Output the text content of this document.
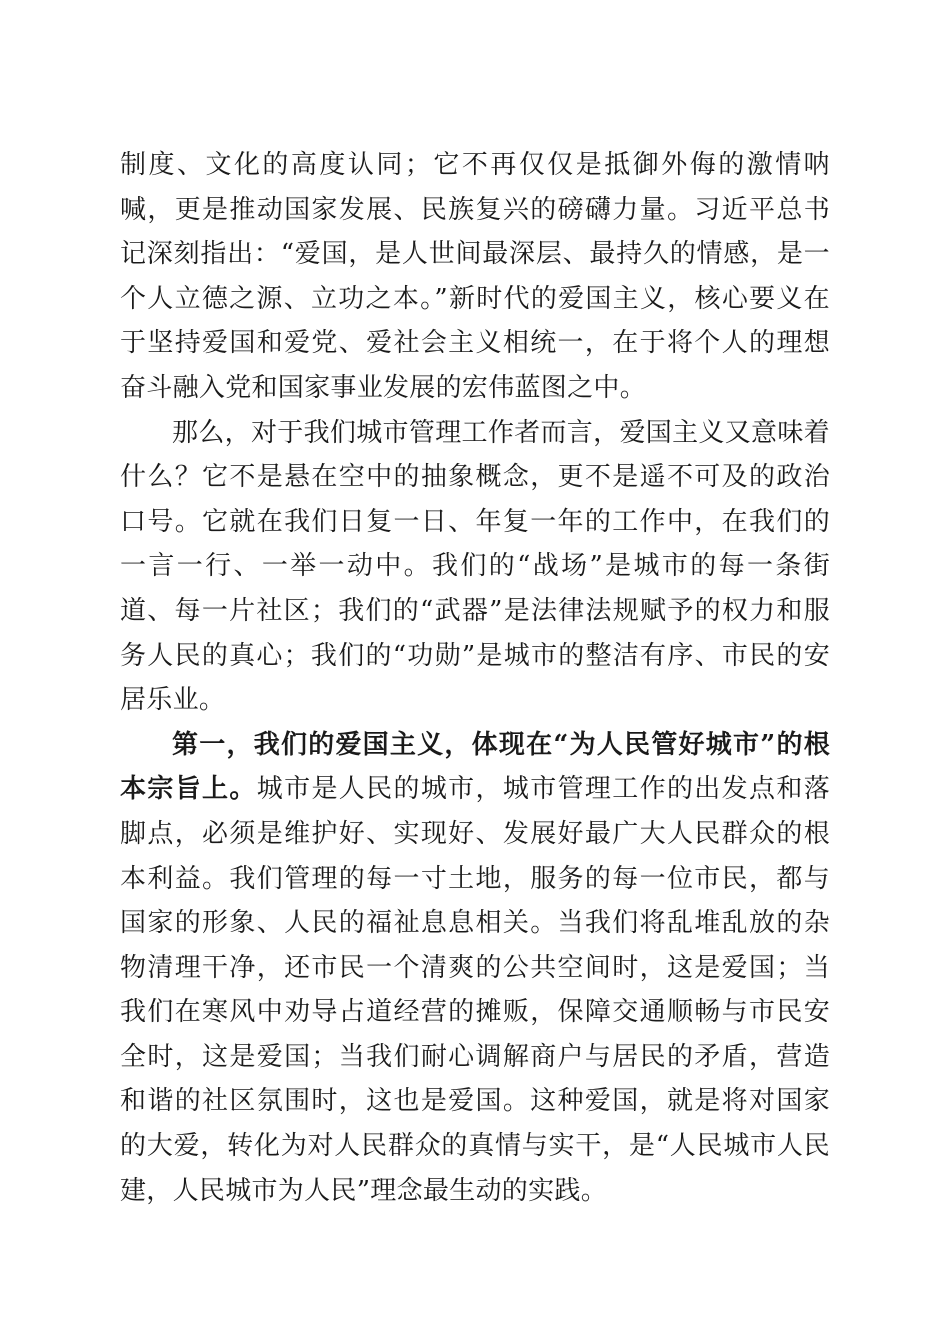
制度、文化的高度认同；它不再仅仅是抵御外侮的激情呐喊，更是推动国家发展、民族复兴的磅礴力量。习近平总书记深刻指出：“爱国，是人世间最深层、最持久的情感，是一个人立德之源、立功之本。”新时代的爱国主义，核心要义在于坚持爱国和爱党、爱社会主义相统一，在于将个人的理想奋斗融入党和国家事业发展的宏伟蓝图之中。

那么，对于我们城市管理工作者而言，爱国主义又意味着什么？它不是悬在空中的抽象概念，更不是遥不可及的政治口号。它就在我们日复一日、年复一年的工作中，在我们的一言一行、一举一动中。我们的“战场”是城市的每一条街道、每一片社区；我们的“武器”是法律法规赋予的权力和服务人民的真心；我们的“功勋”是城市的整洁有序、市民的安居乐业。

第一，我们的爱国主义，体现在“为人民管好城市”的根本宗旨上。城市是人民的城市，城市管理工作的出发点和落脚点，必须是维护好、实现好、发展好最广大人民群众的根本利益。我们管理的每一寸土地，服务的每一位市民，都与国家的形象、人民的福祉息息相关。当我们将乱堆乱放的杂物清理干净，还市民一个清爽的公共空间时，这是爱国；当我们在寒风中劝导占道经营的摊贩，保障交通顺畅与市民安全时，这是爱国；当我们耐心调解商户与居民的矛盾，营造和谐的社区氛围时，这也是爱国。这种爱国，就是将对国家的大爱，转化为对人民群众的真情与实干，是“人民城市人民建，人民城市为人民”理念最生动的实践。
